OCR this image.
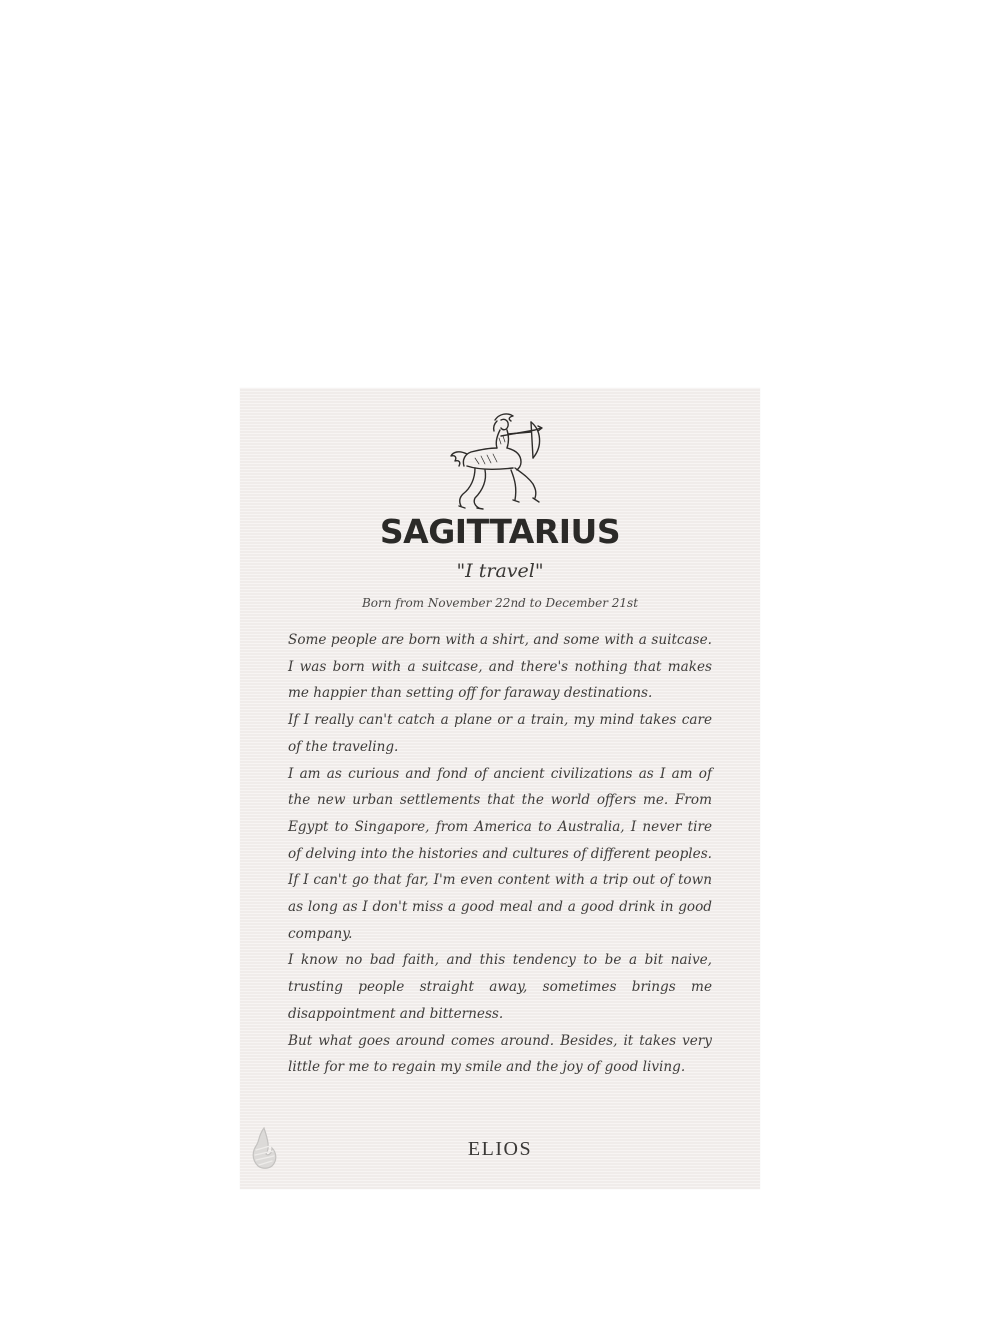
SAGITTARIUS
"I travel"
Born from November 22nd to December 21st

Some people are born with a shirt, and some with a suitcase. I was born with a suitcase, and there's nothing that makes me happier than setting off for faraway destinations.

If I really can't catch a plane or a train, my mind takes care of the traveling.

I am as curious and fond of ancient civilizations as I am of the new urban settlements that the world offers me. From Egypt to Singapore, from America to Australia, I never tire of delving into the histories and cultures of different peoples. If I can't go that far, I'm even content with a trip out of town as long as I don't miss a good meal and a good drink in good company.

I know no bad faith, and this tendency to be a bit naive, trusting people straight away, sometimes brings me disappointment and bitterness.

But what goes around comes around. Besides, it takes very little for me to regain my smile and the joy of good living.

ELIOS
